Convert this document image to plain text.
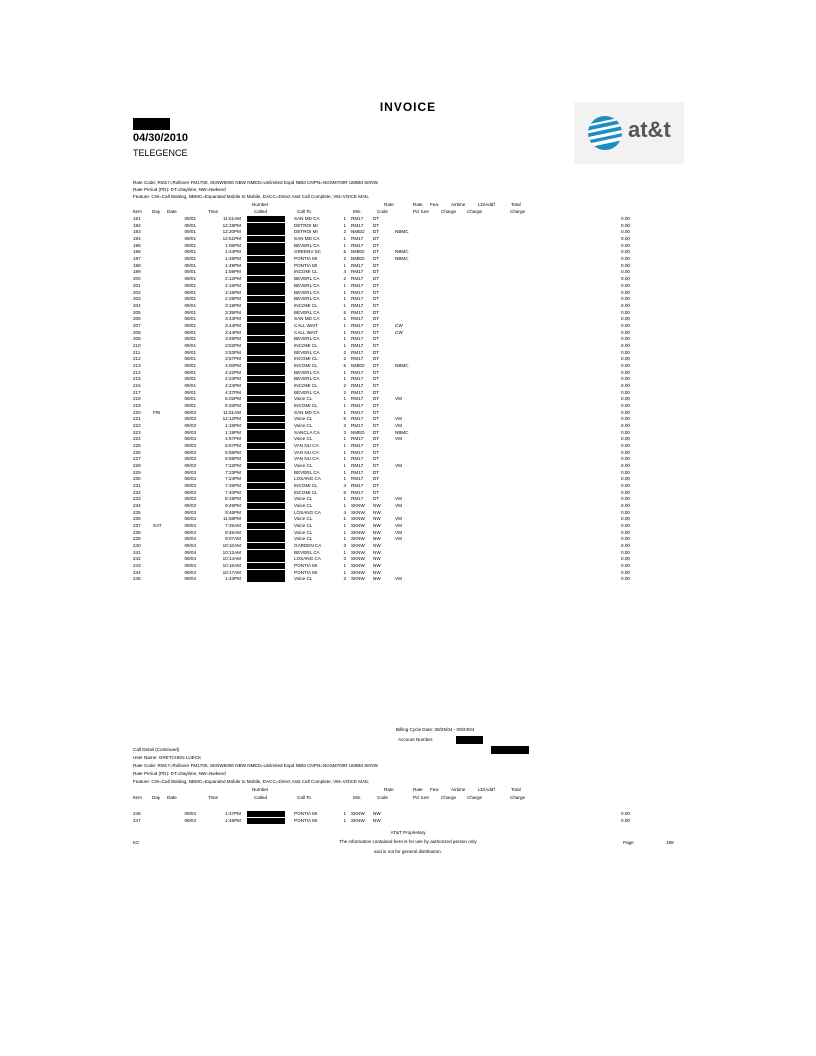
INVOICE
04/30/2010
TELEGENCE
at&t
Rate Code: RM17=Rollover FM1700, SKNW5000 NBW NMED=Unlimited Expd NBM CNPN=NOSM700R UMBM SKNW
Rate Period (PD): DT=Daytime, NW=Nwkend
Feature: CW=Call Waiting, NBMC=Expanded Mobile to Mobile, DACC=Direct Asst Call Complete, VM=VOICE MAIL
Number	Rate	Rate Fea-	Airtime	LD/Add'l	Total
Item Day Date	Time	Called	Call To	Min	Code	Pd ture	Charge Charge	Charge
191		09/01	11:51AM		SAN MD CA	1	RM17	DT		0.00
192		09/01	12:19PM		DETROI MI	1	RM17	DT		0.00
193		09/01	12:20PM		DETROI MI	2	NMED	DT	NBMC	0.00
194		09/01	12:51PM		SAN MD CA	1	RM17	DT		0.00
195		09/01	1:06PM		BEVERL CA	1	RM17	DT		0.00
196		09/01	1:24PM		GREENV SC	5	NMED	DT	NBMC	0.00
197		09/01	1:48PM		PONTIA MI	2	NMED	DT	NBMC	0.00
198		09/01	1:49PM		PONTIA MI	1	RM17	DT		0.00
199		09/01	1:59PM		INCOMI CL	4	RM17	DT		0.00
200		09/01	2:12PM		BEVERL CA	2	RM17	DT		0.00
201		09/01	2:16PM		BEVERL CA	1	RM17	DT		0.00
202		09/01	2:18PM		BEVERL CA	1	RM17	DT		0.00
203		09/01	2:29PM		BEVERL CA	1	RM17	DT		0.00
204		09/01	3:19PM		INCOMI CL	1	RM17	DT		0.00
205		09/01	3:35PM		BEVERL CA	5	RM17	DT		0.00
206		09/01	3:43PM		SAN MD CA	1	RM17	DT		0.00
207		09/01	3:44PM		CALL WAIT	1	RM17	DT	CW	0.00
208		09/01	3:44PM		CALL WAIT	1	RM17	DT	CW	0.00
209		09/01	3:48PM		BEVERL CA	1	RM17	DT		0.00
210		09/01	3:52PM		INCOMI CL	1	RM17	DT		0.00
211		09/01	3:53PM		BEVERL CA	2	RM17	DT		0.00
212		09/01	3:57PM		INCOMI CL	2	RM17	DT		0.00
213		09/01	4:00PM		INCOMI CL	5	NMED	DT	NBMC	0.00
214		09/01	4:22PM		BEVERL CA	1	RM17	DT		0.00
215		09/01	4:23PM		BEVERL CA	1	RM17	DT		0.00
216		09/01	4:24PM		INCOMI CL	2	RM17	DT		0.00
217		09/01	4:27PM		BEVERL CA	2	RM17	DT		0.00
218		09/01	5:02PM		Voice CL	1	RM17	DT	VM	0.00
219		09/01	6:33PM		INCOMI CL	1	RM17	DT		0.00
220	FRI	09/03	11:51AM		SAN MD CA	1	RM17	DT		0.00
221		09/03	12:12PM		Voice CL	5	RM17	DT	VM	0.00
222		09/03	1:16PM		Voice CL	3	RM17	DT	VM	0.00
223		09/03	1:19PM		SANCLA CA	3	NMED	DT	NBMC	0.00
224		09/03	4:57PM		Voice CL	1	RM17	DT	VM	0.00
225		09/03	5:57PM		VAN NU CA	1	RM17	DT		0.00
226		09/03	5:58PM		VAN NU CA	1	RM17	DT		0.00
227		09/03	6:59PM		VAN NU CA	1	RM17	DT		0.00
228		09/03	7:22PM		Voice CL	1	RM17	DT	VM	0.00
229		09/03	7:23PM		BEVERL CA	1	RM17	DT		0.00
230		09/03	7:24PM		LOSANG CA	1	RM17	DT		0.00
231		09/03	7:26PM		INCOMI CL	4	RM17	DT		0.00
232		09/03	7:40PM		INCOMI CL	6	RM17	DT		0.00
233		09/03	8:19PM		Voice CL	1	RM17	DT	VM	0.00
234		09/03	9:45PM		Voice CL	1	SKNW	NW	VM	0.00
235		09/03	9:46PM		LOSANG CA	4	SKNW	NW		0.00
236		09/03	11:58PM		Voice CL	1	SKNW	NW	VM	0.00
237	SAT	09/04	7:25AM		Voice CL	1	SKNW	NW	VM	0.00
238		09/04	8:45AM		Voice CL	1	SKNW	NW	VM	0.00
239		09/04	9:07AM		Voice CL	1	SKNW	NW	VM	0.00
240		09/04	10:10AM		GARDEN CA	3	SKNW	NW		0.00
241		09/04	10:12AM		BEVERL CA	1	SKNW	NW		0.00
242		09/04	10:14AM		LOSANG CA	3	SKNW	NW		0.00
243		09/04	10:16AM		PONTIA MI	1	SKNW	NW		0.00
244		09/04	10:17AM		PONTIA MI	1	SKNW	NW		0.00
245		09/04	1:43PM		Voice CL	3	SKNW	NW	VM	0.00
Billing Cycle Date: 08/25/04 - 09/24/04
Account Number:
Call Detail (Continued)
User Name: GRETCHEN LUECK
Rate Code: RM17=Rollover FM1700, SKNW5000 NBW NMED=Unlimited Expd NBM CNPN=NOSM700R UMBM SKNW
Rate Period (PD): DT=Daytime, NW=Nwkend
Feature: CW=Call Waiting, NBMC=Expanded Mobile to Mobile, DACC=Direct Asst Call Complete, VM=VOICE MAIL
Number	Rate	Rate Fea-	Airtime	LD/Add'l	Total
Item Day Date	Time	Called	Call To	Min	Code	Pd ture	Charge Charge	Charge
246		09/04	1:47PM		PONTIA MI	1	SKNW	NW		0.00
247		09/04	1:48PM		PONTIA MI	1	SKNW	NW		0.00
AT&T Proprietary
The information contained here is for use by authorized person only
and is not for general distribution.
KC	Page	198
